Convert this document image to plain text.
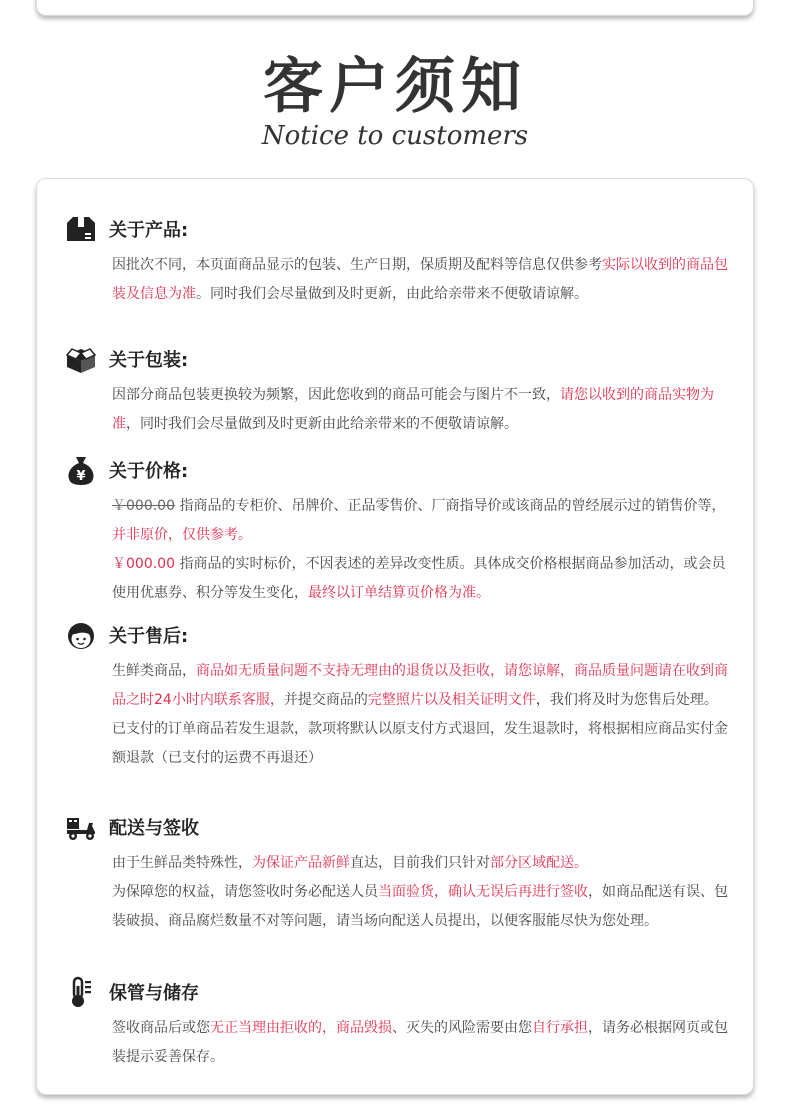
客户须知
Notice to customers
关于产品:

因批次不同，本页面商品显示的包装、生产日期，保质期及配料等信息仅供参考实际以收到的商品包装及信息为准。同时我们会尽量做到及时更新，由此给亲带来不便敬请谅解。

关于包装:

因部分商品包装更换较为频繁，因此您收到的商品可能会与图片不一致，请您以收到的商品实物为准，同时我们会尽量做到及时更新由此给亲带来的不便敬请谅解。

¥ 关于价格:

￥000.00 指商品的专柜价、吊牌价、正品零售价、厂商指导价或该商品的曾经展示过的销售价等，并非原价，仅供参考。

￥000.00 指商品的实时标价，不因表述的差异改变性质。具体成交价格根据商品参加活动，或会员使用优惠券、积分等发生变化，最终以订单结算页价格为准。

关于售后:

生鲜类商品，商品如无质量问题不支持无理由的退货以及拒收，请您谅解，商品质量问题请在收到商品之时24小时内联系客服，并提交商品的完整照片以及相关证明文件，我们将及时为您售后处理。

已支付的订单商品若发生退款，款项将默认以原支付方式退回，发生退款时，将根据相应商品实付金额退款（已支付的运费不再退还）

配送与签收

由于生鲜品类特殊性，为保证产品新鲜直达，目前我们只针对部分区域配送。

为保障您的权益，请您签收时务必配送人员当面验货，确认无误后再进行签收，如商品配送有误、包装破损、商品腐烂数量不对等问题，请当场向配送人员提出，以便客服能尽快为您处理。

保管与储存

签收商品后或您无正当理由拒收的，商品毁损、灭失的风险需要由您自行承担，请务必根据网页或包装提示妥善保存。
